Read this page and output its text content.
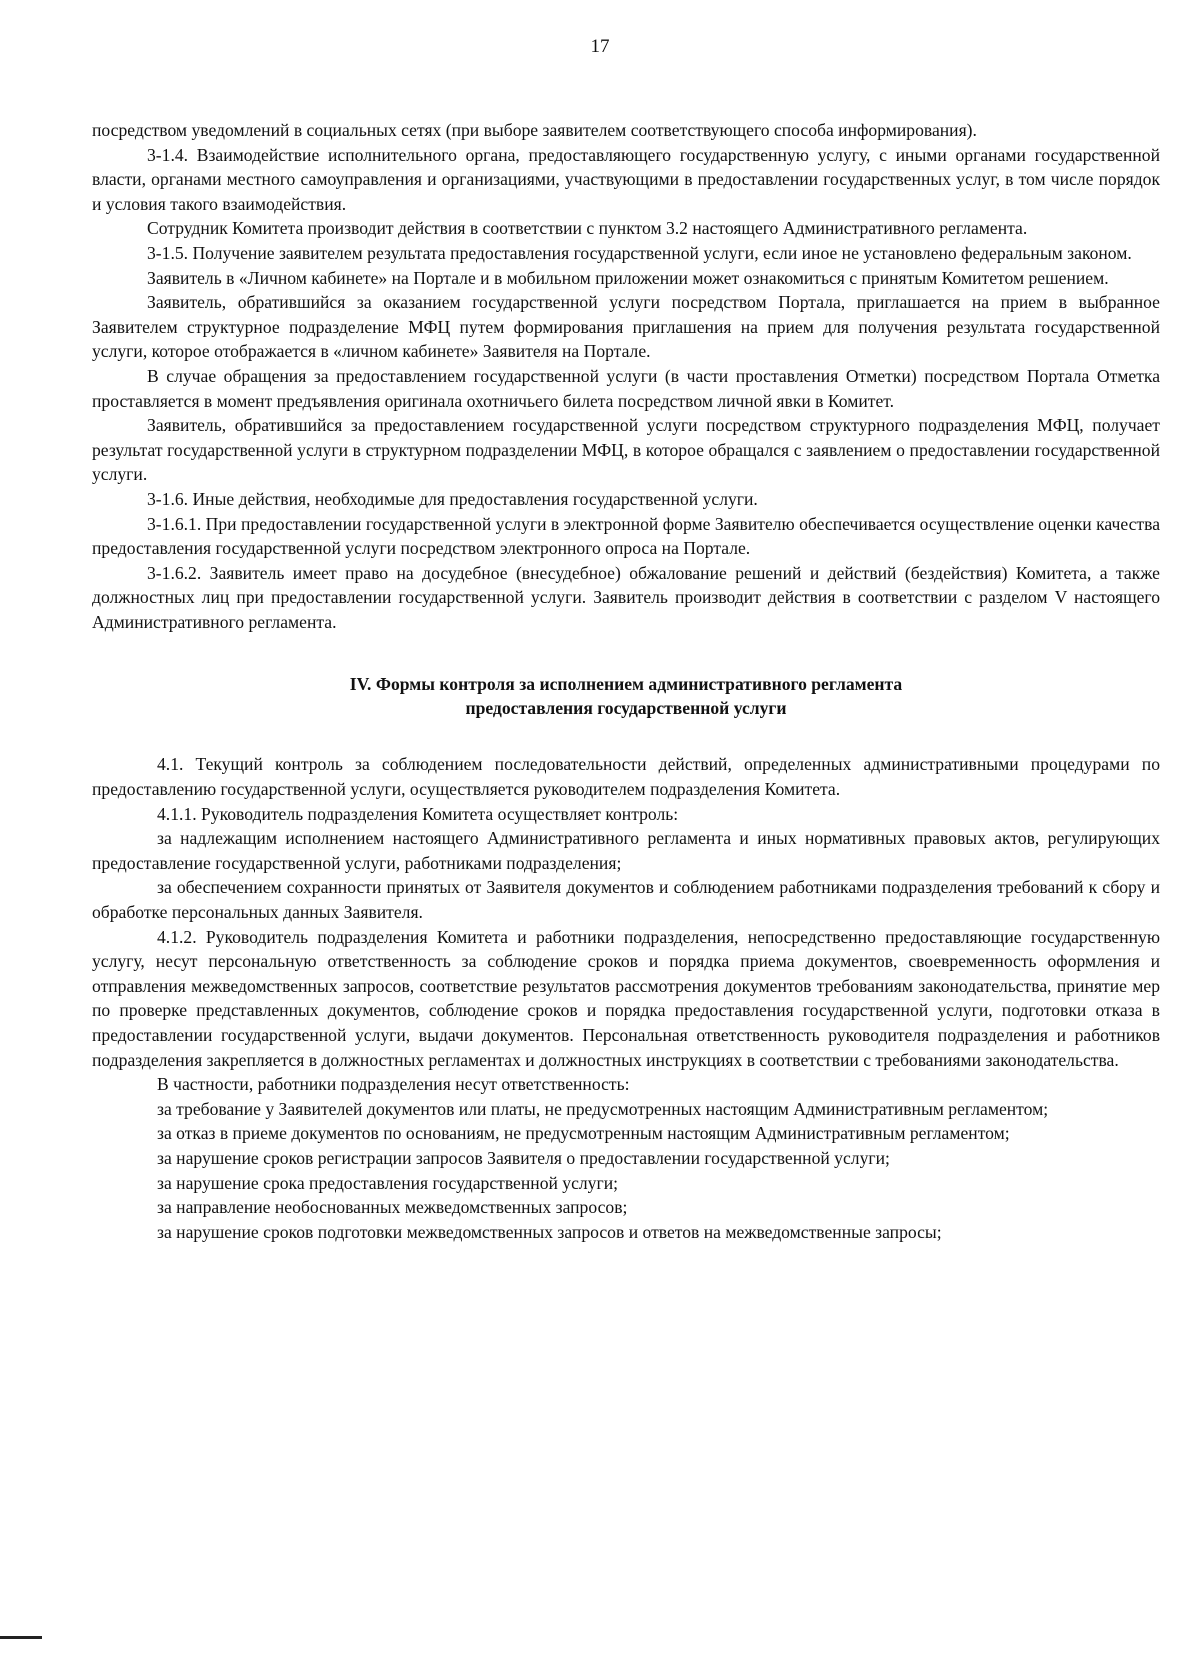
17

посредством уведомлений в социальных сетях (при выборе заявителем соответствующего способа информирования).

3-1.4. Взаимодействие исполнительного органа, предоставляющего государственную услугу, с иными органами государственной власти, органами местного самоуправления и организациями, участвующими в предоставлении государственных услуг, в том числе порядок и условия такого взаимодействия.

Сотрудник Комитета производит действия в соответствии с пунктом 3.2 настоящего Административного регламента.

3-1.5. Получение заявителем результата предоставления государственной услуги, если иное не установлено федеральным законом.

Заявитель в «Личном кабинете» на Портале и в мобильном приложении может ознакомиться с принятым Комитетом решением.

Заявитель, обратившийся за оказанием государственной услуги посредством Портала, приглашается на прием в выбранное Заявителем структурное подразделение МФЦ путем формирования приглашения на прием для получения результата государственной услуги, которое отображается в «личном кабинете» Заявителя на Портале.

В случае обращения за предоставлением государственной услуги (в части проставления Отметки) посредством Портала Отметка проставляется в момент предъявления оригинала охотничьего билета посредством личной явки в Комитет.

Заявитель, обратившийся за предоставлением государственной услуги посредством структурного подразделения МФЦ, получает результат государственной услуги в структурном подразделении МФЦ, в которое обращался с заявлением о предоставлении государственной услуги.

3-1.6. Иные действия, необходимые для предоставления государственной услуги.

3-1.6.1. При предоставлении государственной услуги в электронной форме Заявителю обеспечивается осуществление оценки качества предоставления государственной услуги посредством электронного опроса на Портале.

3-1.6.2. Заявитель имеет право на досудебное (внесудебное) обжалование решений и действий (бездействия) Комитета, а также должностных лиц при предоставлении государственной услуги. Заявитель производит действия в соответствии с разделом V настоящего Административного регламента.

IV. Формы контроля за исполнением административного регламента
предоставления государственной услуги

4.1. Текущий контроль за соблюдением последовательности действий, определенных административными процедурами по предоставлению государственной услуги, осуществляется руководителем подразделения Комитета.

4.1.1. Руководитель подразделения Комитета осуществляет контроль:

за надлежащим исполнением настоящего Административного регламента и иных нормативных правовых актов, регулирующих предоставление государственной услуги, работниками подразделения;

за обеспечением сохранности принятых от Заявителя документов и соблюдением работниками подразделения требований к сбору и обработке персональных данных Заявителя.

4.1.2. Руководитель подразделения Комитета и работники подразделения, непосредственно предоставляющие государственную услугу, несут персональную ответственность за соблюдение сроков и порядка приема документов, своевременность оформления и отправления межведомственных запросов, соответствие результатов рассмотрения документов требованиям законодательства, принятие мер по проверке представленных документов, соблюдение сроков и порядка предоставления государственной услуги, подготовки отказа в предоставлении государственной услуги, выдачи документов. Персональная ответственность руководителя подразделения и работников подразделения закрепляется в должностных регламентах и должностных инструкциях в соответствии с требованиями законодательства.

В частности, работники подразделения несут ответственность:

за требование у Заявителей документов или платы, не предусмотренных настоящим Административным регламентом;

за отказ в приеме документов по основаниям, не предусмотренным настоящим Административным регламентом;

за нарушение сроков регистрации запросов Заявителя о предоставлении государственной услуги;

за нарушение срока предоставления государственной услуги;

за направление необоснованных межведомственных запросов;

за нарушение сроков подготовки межведомственных запросов и ответов на межведомственные запросы;
